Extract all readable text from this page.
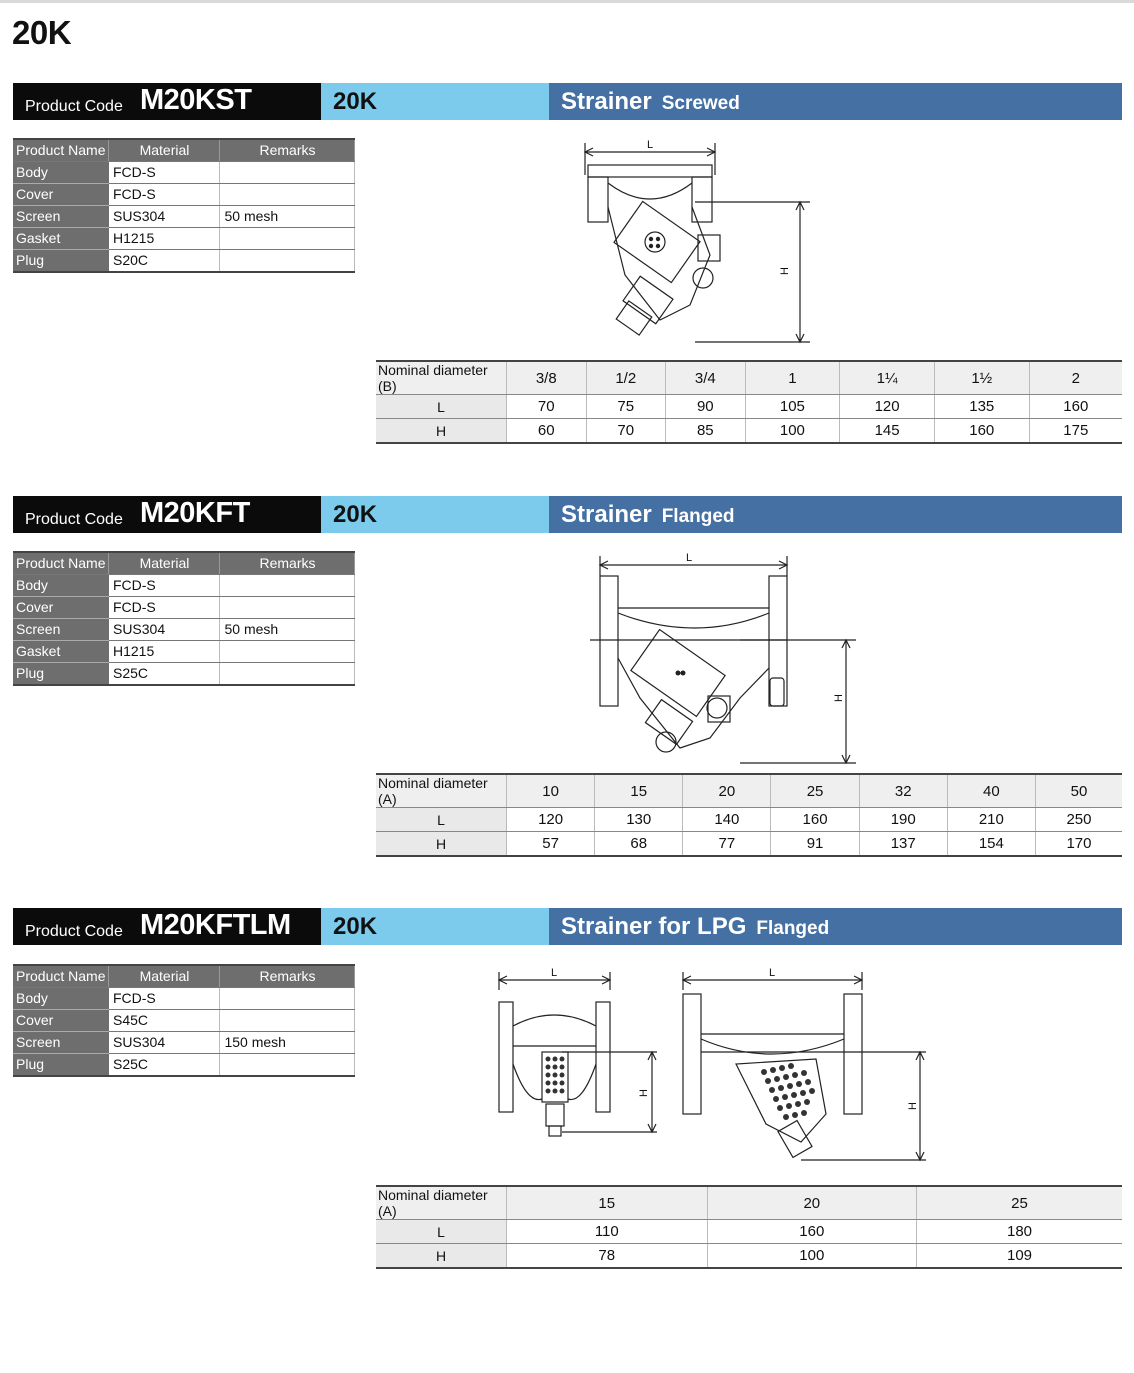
20K
Product Code M20KST	20K	Strainer Screwed
Product Name	Material	Remarks
Body	FCD-S	
Cover	FCD-S	
Screen	SUS304	50 mesh
Gasket	H1215	
Plug	S20C	
L
H
Nominal diameter (B)	3/8	1/2	3/4	1	1¼	1½	2
L	70	75	90	105	120	135	160
H	60	70	85	100	145	160	175
Product Code M20KFT	20K	Strainer Flanged
Product Name	Material	Remarks
Body	FCD-S	
Cover	FCD-S	
Screen	SUS304	50 mesh
Gasket	H1215	
Plug	S25C	
L
H
Nominal diameter (A)	10	15	20	25	32	40	50
L	120	130	140	160	190	210	250
H	57	68	77	91	137	154	170
Product Code M20KFTLM 20K	Strainer for LPG Flanged
Product Name	Material	Remarks
Body	FCD-S	
Cover	S45C	
Screen	SUS304	150 mesh
Plug	S25C	
L
H
L
H
Nominal diameter (A)	15	20	25
L	110	160	180
H	78	100	109
